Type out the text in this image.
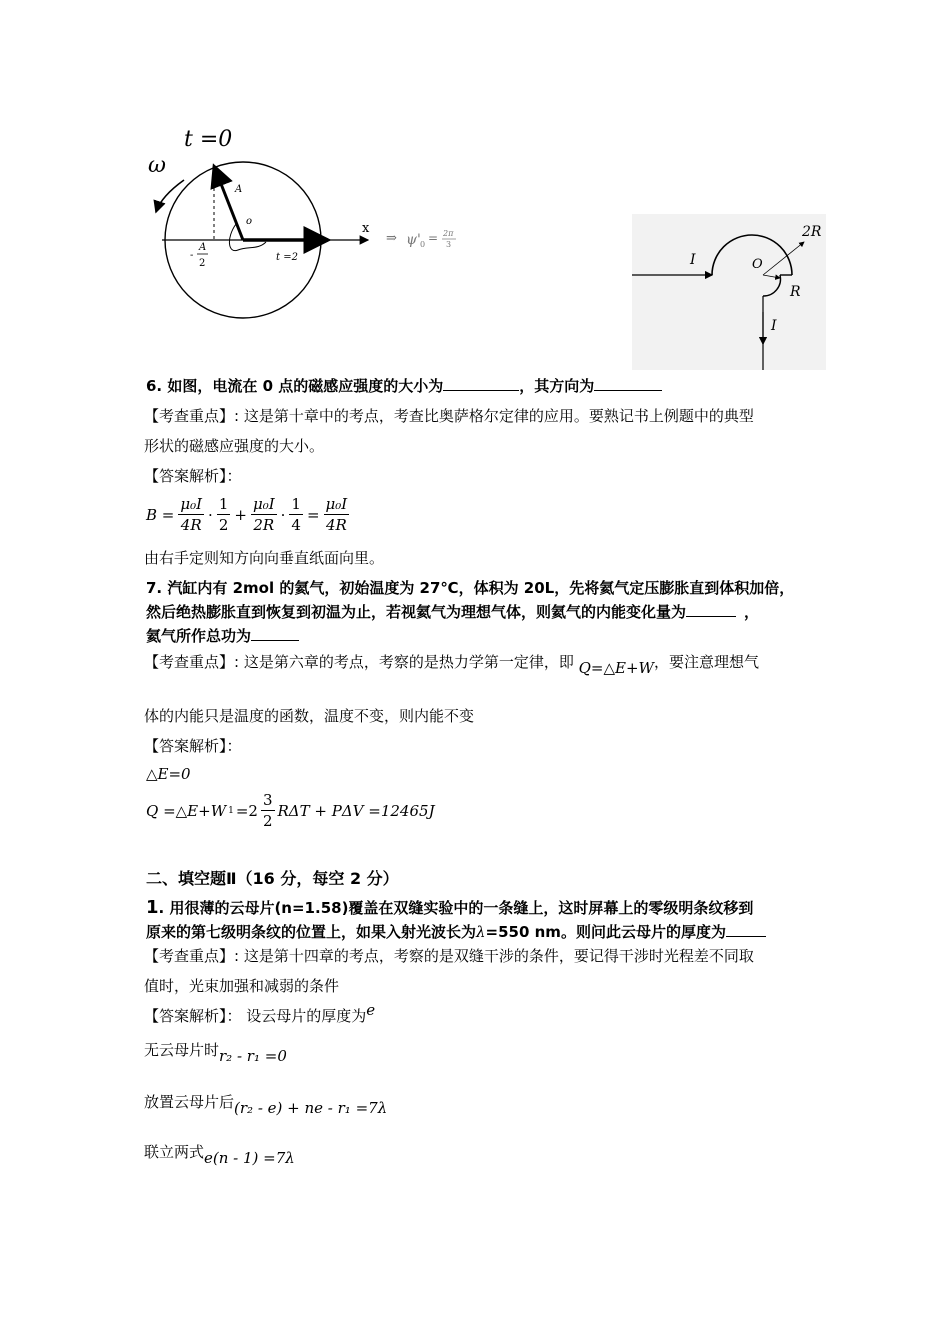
t =0
ω
A
o
-
A
2
t =2
x
⇒ ψ' 0 = 2π
3
I	O
2R
R
I
6. 如图，电流在 0 点的磁感应强度的大小为	，其方向为
【考查重点】: 这是第十章中的考点，考查比奥萨格尔定律的应用。要熟记书上例题中的典型
形状的磁感应强度的大小。
【答案解析】：
$B = \frac{\text{μ₀I}}{4R} \cdot \frac{1}{2} + \frac{\text{μ₀I}}{2R} \cdot \frac{1}{4} = \frac{\text{μ₀I}}{4R}$
由右手定则知方向向垂直纸面向里。
7. 汽缸内有 2mol 的氦气，初始温度为 27℃，体积为 20L，先将氦气定压膨胀直到体积加倍，
然后绝热膨胀直到恢复到初温为止，若视氦气为理想气体，则氦气的内能变化量为	，
氦气所作总功为
【考查重点】: 这是第六章的考点，考察的是热力学第一定律，即 Q=△E+W，要注意理想气
体的内能只是温度的函数，温度不变，则内能不变
【答案解析】：
△E=0
Q =△E+W $1 =2 \frac{3}{2}$ RΔT + PΔV =12465J
二、填空题Ⅱ（16 分，每空 2 分）
1. 用很薄的云母片(n=1.58)覆盖在双缝实验中的一条缝上，这时屏幕上的零级明条纹移到
原来的第七级明条纹的位置上，如果入射光波长为λ=550 nm。则问此云母片的厚度为
【考查重点】: 这是第十四章的考点，考察的是双缝干涉的条件，要记得干涉时光程差不同取
值时，光束加强和减弱的条件
【答案解析】： 设云母片的厚度为e
无云母片时r₂ - r₁ =0
放置云母片后(r₂ - e) + ne - r₁ =7λ
联立两式e(n - 1) =7λ
